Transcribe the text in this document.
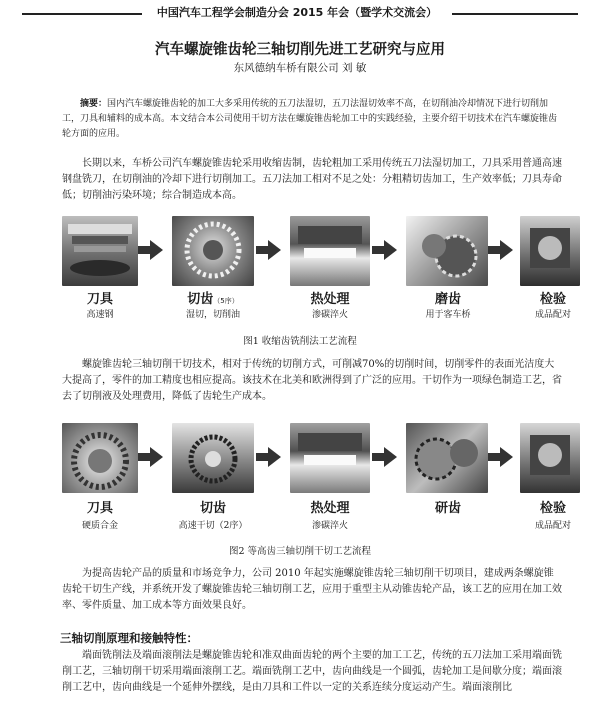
中国汽车工程学会制造分会 2015 年会（暨学术交流会）
汽车螺旋锥齿轮三轴切削先进工艺研究与应用
东风德纳车桥有限公司 刘 敏
摘要：国内汽车螺旋锥齿轮的加工大多采用传统的五刀法湿切，五刀法湿切效率不高，在切削油冷却情况下进行切削加工，刀具和辅料的成本高。本文结合本公司使用干切方法在螺旋锥齿轮加工中的实践经验，主要介绍干切技术在汽车螺旋锥齿轮方面的应用。

长期以来，车桥公司汽车螺旋锥齿轮采用收缩齿制，齿轮粗加工采用传统五刀法湿切加工，刀具采用普通高速钢盘铣刀，在切削油的冷却下进行切削加工。五刀法加工相对不足之处：分粗精切齿加工，生产效率低；刀具寿命低；切削油污染环境；综合制造成本高。

刀具	切齿（5序）	热处理	磨齿	检验
高速钢	湿切，切削油	渗碳淬火	用于客车桥	成品配对
图1 收缩齿铣削法工艺流程

螺旋锥齿轮三轴切削干切技术，相对于传统的切削方式，可削减70%的切削时间，切削零件的表面光洁度大大提高了，零件的加工精度也相应提高。该技术在北美和欧洲得到了广泛的应用。干切作为一项绿色制造工艺，省去了切削液及处理费用，降低了齿轮生产成本。

刀具	切齿	热处理	研齿	检验
硬质合金	高速干切（2序）	渗碳淬火	成品配对
图2 等高齿三轴切削干切工艺流程

为提高齿轮产品的质量和市场竞争力，公司 2010 年起实施螺旋锥齿轮三轴切削干切项目，建成两条螺旋锥齿轮干切生产线，并系统开发了螺旋锥齿轮三轴切削工艺，应用于重型主从动锥齿轮产品，该工艺的应用在加工效率、零件质量、加工成本等方面效果良好。

三轴切削原理和接触特性：

端面铣削法及端面滚削法是螺旋锥齿轮和准双曲面齿轮的两个主要的加工工艺，传统的五刀法加工采用端面铣削工艺，三轴切削干切采用端面滚削工艺。端面铣削工艺中，齿向曲线是一个圆弧，齿轮加工是间歇分度；端面滚削工艺中，齿向曲线是一个延伸外摆线，是由刀具和工件以一定的关系连续分度运动产生。端面滚削比
